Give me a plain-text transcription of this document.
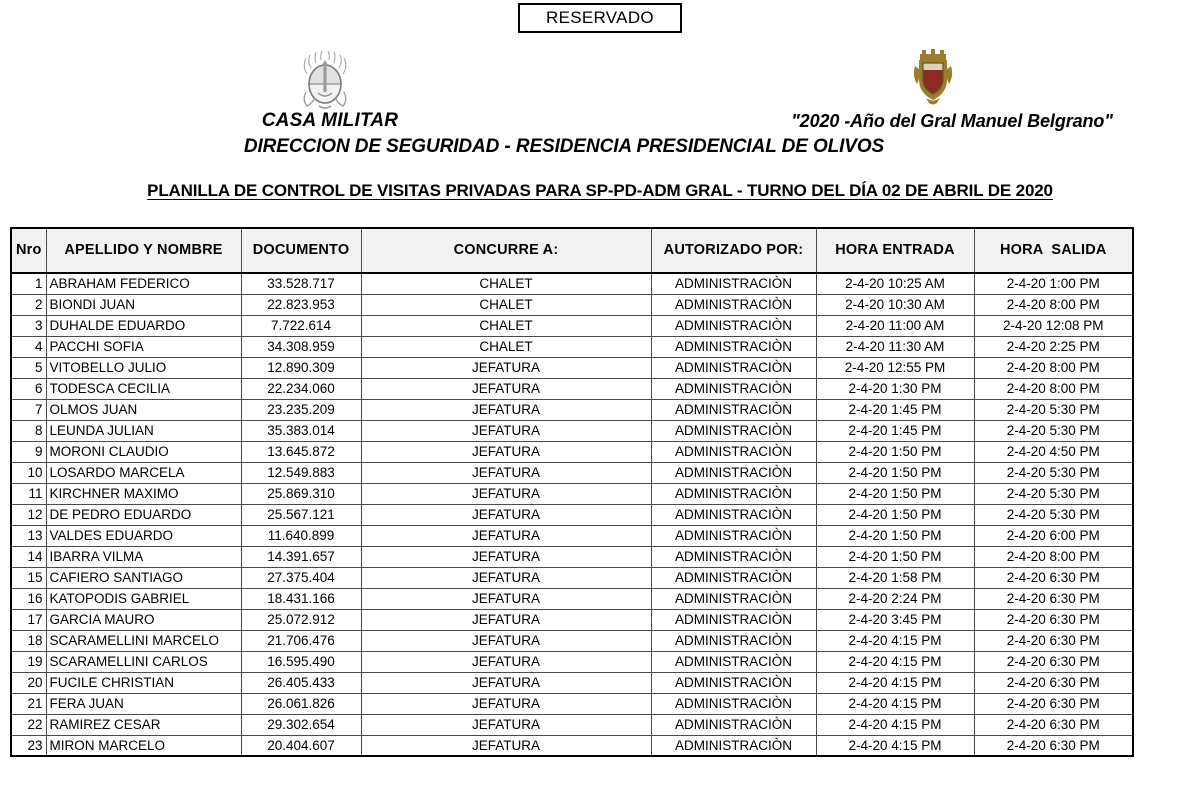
RESERVADO
CASA MILITAR
DIRECCION DE SEGURIDAD - RESIDENCIA PRESIDENCIAL DE OLIVOS
"2020 -Año del Gral Manuel Belgrano"
PLANILLA DE CONTROL DE VISITAS PRIVADAS PARA SP-PD-ADM GRAL - TURNO DEL DÍA 02 DE ABRIL DE 2020
Nro	APELLIDO Y NOMBRE	DOCUMENTO	CONCURRE A:	AUTORIZADO POR:	HORA ENTRADA	HORA  SALIDA
1	ABRAHAM FEDERICO	33.528.717	CHALET	ADMINISTRACIÒN	2-4-20 10:25 AM	2-4-20 1:00 PM
2	BIONDI JUAN	22.823.953	CHALET	ADMINISTRACIÒN	2-4-20 10:30 AM	2-4-20 8:00 PM
3	DUHALDE EDUARDO	7.722.614	CHALET	ADMINISTRACIÒN	2-4-20 11:00 AM	2-4-20 12:08 PM
4	PACCHI SOFIA	34.308.959	CHALET	ADMINISTRACIÒN	2-4-20 11:30 AM	2-4-20 2:25 PM
5	VITOBELLO JULIO	12.890.309	JEFATURA	ADMINISTRACIÒN	2-4-20 12:55 PM	2-4-20 8:00 PM
6	TODESCA CECILIA	22.234.060	JEFATURA	ADMINISTRACIÒN	2-4-20 1:30 PM	2-4-20 8:00 PM
7	OLMOS JUAN	23.235.209	JEFATURA	ADMINISTRACIÒN	2-4-20 1:45 PM	2-4-20 5:30 PM
8	LEUNDA JULIAN	35.383.014	JEFATURA	ADMINISTRACIÒN	2-4-20 1:45 PM	2-4-20 5:30 PM
9	MORONI CLAUDIO	13.645.872	JEFATURA	ADMINISTRACIÒN	2-4-20 1:50 PM	2-4-20 4:50 PM
10	LOSARDO MARCELA	12.549.883	JEFATURA	ADMINISTRACIÒN	2-4-20 1:50 PM	2-4-20 5:30 PM
11	KIRCHNER MAXIMO	25.869.310	JEFATURA	ADMINISTRACIÒN	2-4-20 1:50 PM	2-4-20 5:30 PM
12	DE PEDRO EDUARDO	25.567.121	JEFATURA	ADMINISTRACIÒN	2-4-20 1:50 PM	2-4-20 5:30 PM
13	VALDES EDUARDO	11.640.899	JEFATURA	ADMINISTRACIÒN	2-4-20 1:50 PM	2-4-20 6:00 PM
14	IBARRA VILMA	14.391.657	JEFATURA	ADMINISTRACIÒN	2-4-20 1:50 PM	2-4-20 8:00 PM
15	CAFIERO SANTIAGO	27.375.404	JEFATURA	ADMINISTRACIÒN	2-4-20 1:58 PM	2-4-20 6:30 PM
16	KATOPODIS GABRIEL	18.431.166	JEFATURA	ADMINISTRACIÒN	2-4-20 2:24 PM	2-4-20 6:30 PM
17	GARCIA MAURO	25.072.912	JEFATURA	ADMINISTRACIÒN	2-4-20 3:45 PM	2-4-20 6:30 PM
18	SCARAMELLINI MARCELO	21.706.476	JEFATURA	ADMINISTRACIÒN	2-4-20 4:15 PM	2-4-20 6:30 PM
19	SCARAMELLINI CARLOS	16.595.490	JEFATURA	ADMINISTRACIÒN	2-4-20 4:15 PM	2-4-20 6:30 PM
20	FUCILE CHRISTIAN	26.405.433	JEFATURA	ADMINISTRACIÒN	2-4-20 4:15 PM	2-4-20 6:30 PM
21	FERA JUAN	26.061.826	JEFATURA	ADMINISTRACIÒN	2-4-20 4:15 PM	2-4-20 6:30 PM
22	RAMIREZ CESAR	29.302.654	JEFATURA	ADMINISTRACIÒN	2-4-20 4:15 PM	2-4-20 6:30 PM
23	MIRON MARCELO	20.404.607	JEFATURA	ADMINISTRACIÒN	2-4-20 4:15 PM	2-4-20 6:30 PM
